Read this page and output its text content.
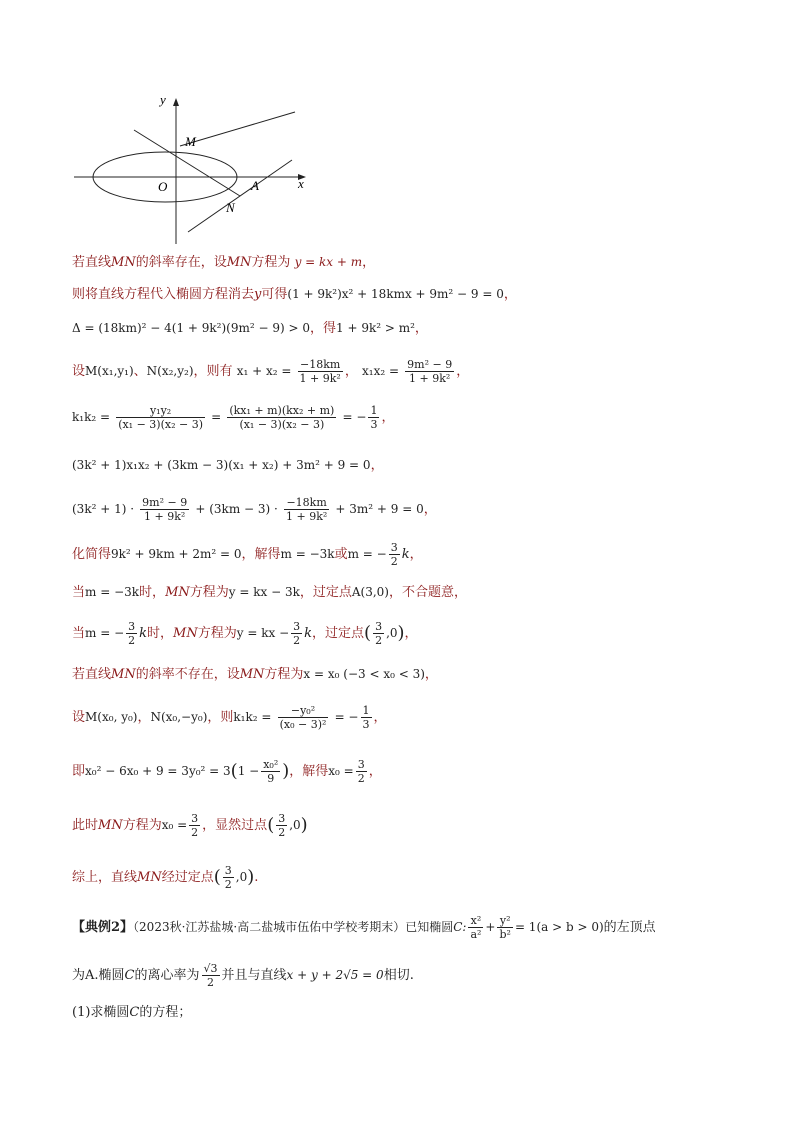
y
x
M
O	A
N
若直线MN的斜率存在，设MN方程为 y = kx + m，
则将直线方程代入椭圆方程消去y可得(1 + 9k²)x² + 18kmx + 9m² − 9 = 0，
Δ = (18km)² − 4(1 + 9k²)(9m² − 9) > 0，得1 + 9k² > m²，
设M(x₁,y₁)、N(x₂,y₂)，则有 $x_1 + x_2 = \frac{-18km}{\text{1 + 9k²}}$ ， $x_1x_2 = \frac{\text{9m² − 9}}{\text{1 + 9k²}}$ ，
$k_1k_2 = \frac{\text{y₁y₂}}{\text{(x₁ − 3)(x₂ − 3)}} = \frac{\text{(kx₁ + m)(kx₂ + m)}}{\text{(x₁ − 3)(x₂ − 3)}}$ = − $\frac{1}{3}$ ，
(3k² + 1)x₁x₂ + (3km − 3)(x₁ + x₂) + 3m² + 9 = 0，
$(3k^2 + 1) \cdot \frac{\text{9m² − 9}}{\text{1 + 9k²}} + (3km - 3) \cdot \frac{-18km}{\text{1 + 9k²}} + 3m^2 + 9 = 0$，
化简得9k² + 9km + 2m² = 0，解得m = −3k或m = − $\frac{3}{2}$ k，
当m = −3k时，MN方程为y = kx − 3k，过定点A(3,0)，不合题意，
当m = − $\frac{3}{2}$ k时，MN方程为y = kx − $\frac{3}{2}$ k，过定点( $\frac{3}{2} ,0$)，
若直线MN的斜率不存在，设MN方程为x = x₀ (−3 < x₀ < 3)，
设M(x₀, y₀)，N(x₀,−y₀)，则$k_1k_2 = \frac{\text{−y₀²}}{\text{(x₀ − 3)²}}$ = − $\frac{1}{3}$ ，
即$x_0^2 - 6x_0 + 9 = 3y_0^2 = 3(1 - \frac{\text{x₀²}}{9}$ )，解得$x_0 = \frac{3}{2}$ ，
此时MN方程为$x_0 = \frac{3}{2}$ ，显然过点( $\frac{3}{2} ,0$)
综上，直线MN经过定点( $\frac{3}{2} ,0$).
【典例2】（2023秋·江苏盐城·高二盐城市伍佑中学校考期末）已知椭圆C: $\frac{\text{x²}}{\text{a²}} + \frac{\text{y²}}{\text{b²}} = 1(a > b > 0)$的左顶点
为A.椭圆C的离心率为 $\frac{√3}{2}$ 并且与直线x + y + 2√5 = 0相切.
(1)求椭圆C的方程；
